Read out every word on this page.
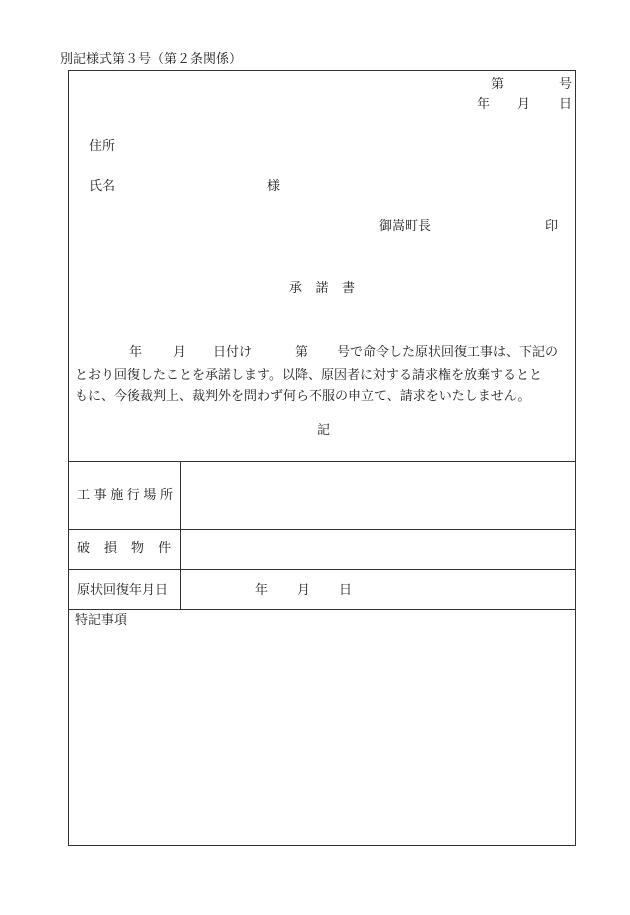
別記様式第３号（第２条関係）
第	号
年 月 日
住所
氏名	様
御嵩町長	印
承 諾 書
年 月 日付け	第 号で命令した原状回復工事は、下記の
とおり回復したことを承諾します。以降、原因者に対する請求権を放棄するとと
もに、今後裁判上、裁判外を問わず何ら不服の申立て、請求をいたしません。
記
工 事 施 行 場 所
破損物件
原状回復年月日	年 月 日
特記事項
